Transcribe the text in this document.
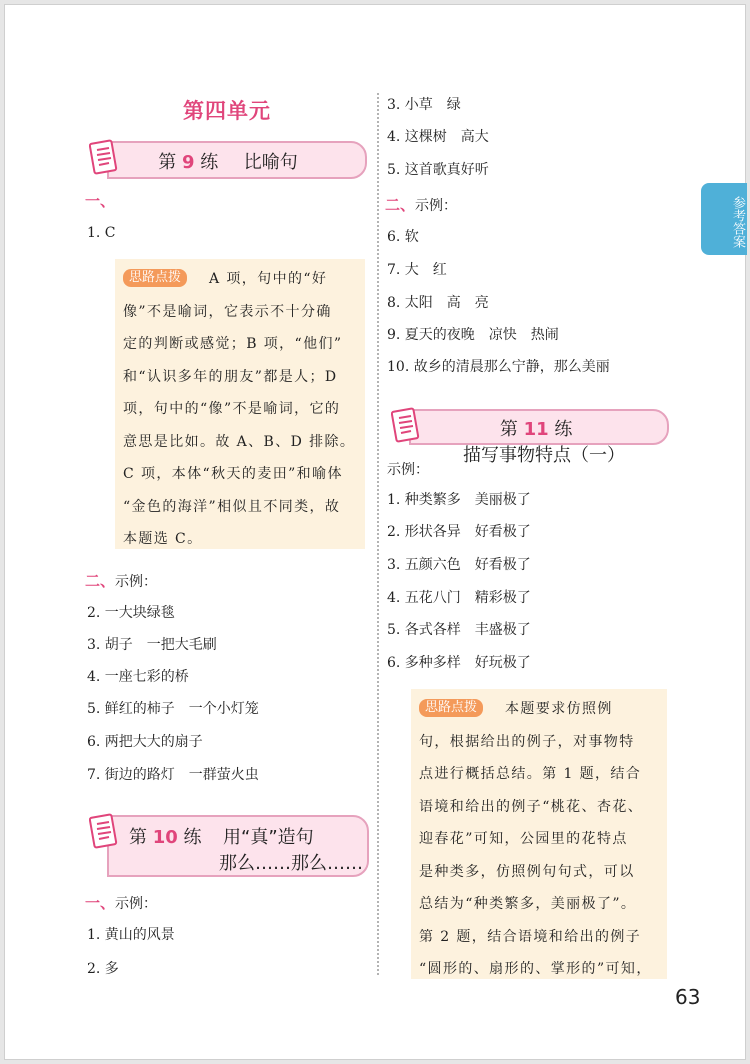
第四单元
第 9 练 比喻句
一、
1. C
思路点拨 A 项，句中的“好
像”不是喻词，它表示不十分确
定的判断或感觉；B 项，“他们”
和“认识多年的朋友”都是人；D
项，句中的“像”不是喻词，它的
意思是比如。故 A、B、D 排除。
C 项，本体“秋天的麦田”和喻体
“金色的海洋”相似且不同类，故
本题选 C。
二、示例：
2. 一大块绿毯
3. 胡子　一把大毛刷
4. 一座七彩的桥
5. 鲜红的柿子　一个小灯笼
6. 两把大大的扇子
7. 街边的路灯　一群萤火虫
第 10 练 用“真”造句
那么……那么……
一、示例：
1. 黄山的风景
2. 多
3. 小草　绿
4. 这棵树　高大
5. 这首歌真好听
二、示例：
6. 软
7. 大　红
8. 太阳　高　亮
9. 夏天的夜晚　凉快　热闹
10. 故乡的清晨那么宁静，那么美丽
第 11 练  描写事物特点（一）
示例：
1. 种类繁多　美丽极了
2. 形状各异　好看极了
3. 五颜六色　好看极了
4. 五花八门　精彩极了
5. 各式各样　丰盛极了
6. 多种多样　好玩极了
思路点拨 本题要求仿照例
句，根据给出的例子，对事物特
点进行概括总结。第 1 题，结合
语境和给出的例子“桃花、杏花、
迎春花”可知，公园里的花特点
是种类多，仿照例句句式，可以
总结为“种类繁多，美丽极了”。
第 2 题，结合语境和给出的例子
“圆形的、扇形的、掌形的”可知，
参考答案
63
